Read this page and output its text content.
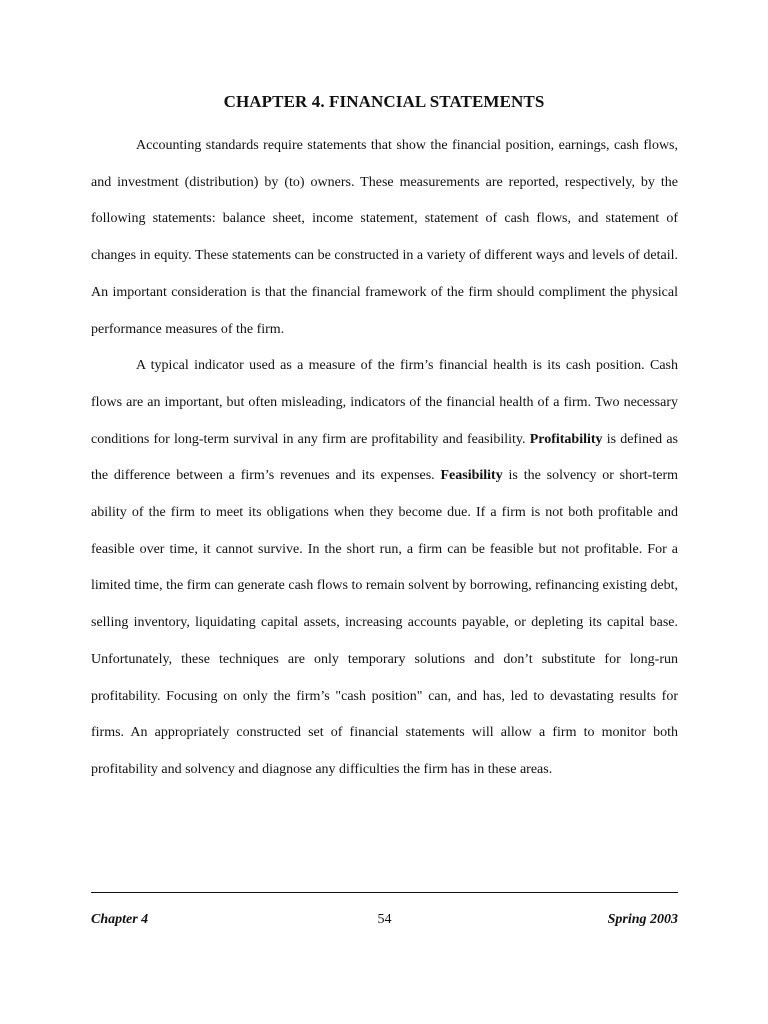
CHAPTER 4. FINANCIAL STATEMENTS

Accounting standards require statements that show the financial position, earnings, cash flows, and investment (distribution) by (to) owners. These measurements are reported, respectively, by the following statements: balance sheet, income statement, statement of cash flows, and statement of changes in equity. These statements can be constructed in a variety of different ways and levels of detail. An important consideration is that the financial framework of the firm should compliment the physical performance measures of the firm.

A typical indicator used as a measure of the firm’s financial health is its cash position. Cash flows are an important, but often misleading, indicators of the financial health of a firm. Two necessary conditions for long-term survival in any firm are profitability and feasibility. Profitability is defined as the difference between a firm’s revenues and its expenses. Feasibility is the solvency or short-term ability of the firm to meet its obligations when they become due. If a firm is not both profitable and feasible over time, it cannot survive. In the short run, a firm can be feasible but not profitable. For a limited time, the firm can generate cash flows to remain solvent by borrowing, refinancing existing debt, selling inventory, liquidating capital assets, increasing accounts payable, or depleting its capital base. Unfortunately, these techniques are only temporary solutions and don’t substitute for long-run profitability. Focusing on only the firm’s "cash position" can, and has, led to devastating results for firms. An appropriately constructed set of financial statements will allow a firm to monitor both profitability and solvency and diagnose any difficulties the firm has in these areas.

54
Chapter 4	Spring 2003
